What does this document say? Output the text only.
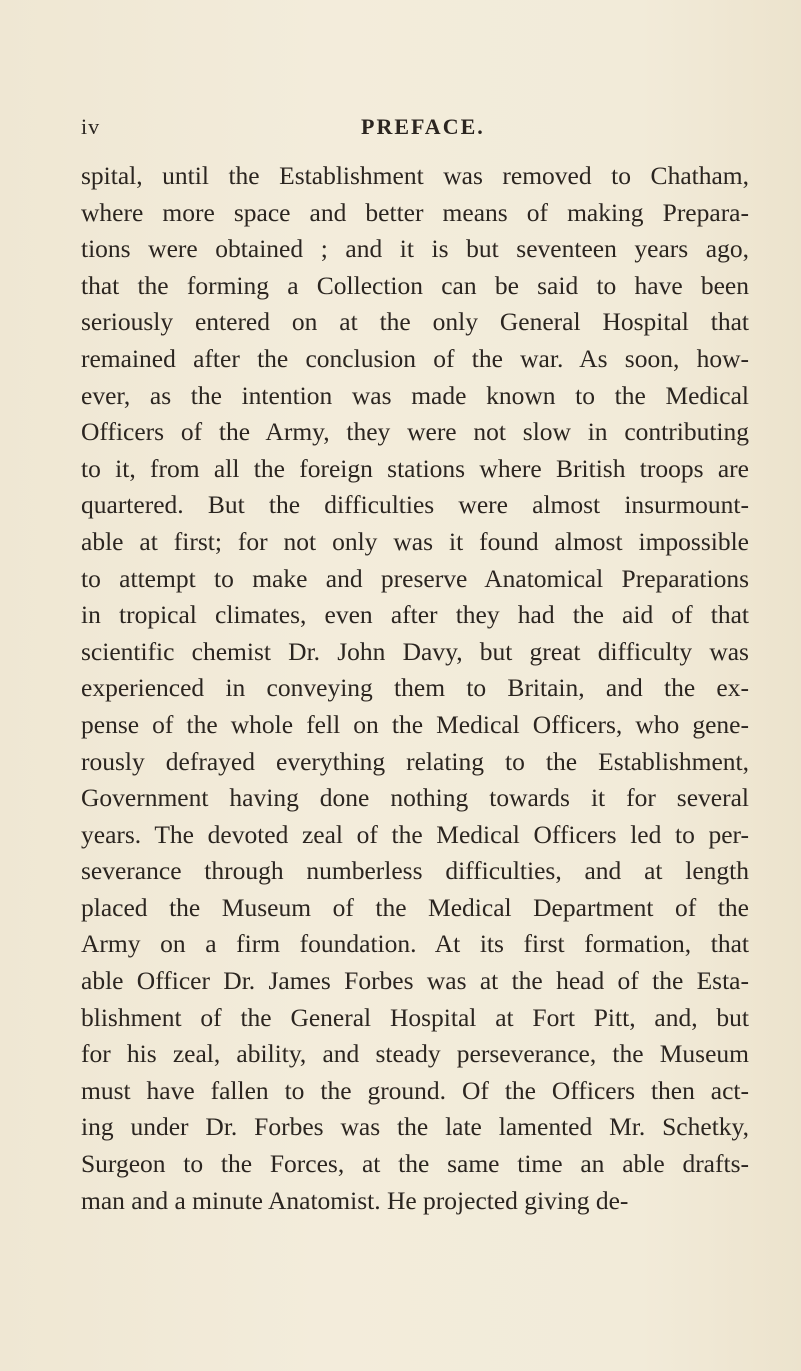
iv	PREFACE.
spital, until the Establishment was removed to Chatham,
where more space and better means of making Prepara-
tions were obtained ; and it is but seventeen years ago,
that the forming a Collection can be said to have been
seriously entered on at the only General Hospital that
remained after the conclusion of the war. As soon, how-
ever, as the intention was made known to the Medical
Officers of the Army, they were not slow in contributing
to it, from all the foreign stations where British troops are
quartered. But the difficulties were almost insurmount-
able at first; for not only was it found almost impossible
to attempt to make and preserve Anatomical Preparations
in tropical climates, even after they had the aid of that
scientific chemist Dr. John Davy, but great difficulty was
experienced in conveying them to Britain, and the ex-
pense of the whole fell on the Medical Officers, who gene-
rously defrayed everything relating to the Establishment,
Government having done nothing towards it for several
years. The devoted zeal of the Medical Officers led to per-
severance through numberless difficulties, and at length
placed the Museum of the Medical Department of the
Army on a firm foundation. At its first formation, that
able Officer Dr. James Forbes was at the head of the Esta-
blishment of the General Hospital at Fort Pitt, and, but
for his zeal, ability, and steady perseverance, the Museum
must have fallen to the ground. Of the Officers then act-
ing under Dr. Forbes was the late lamented Mr. Schetky,
Surgeon to the Forces, at the same time an able drafts-
man and a minute Anatomist. He projected giving de-
